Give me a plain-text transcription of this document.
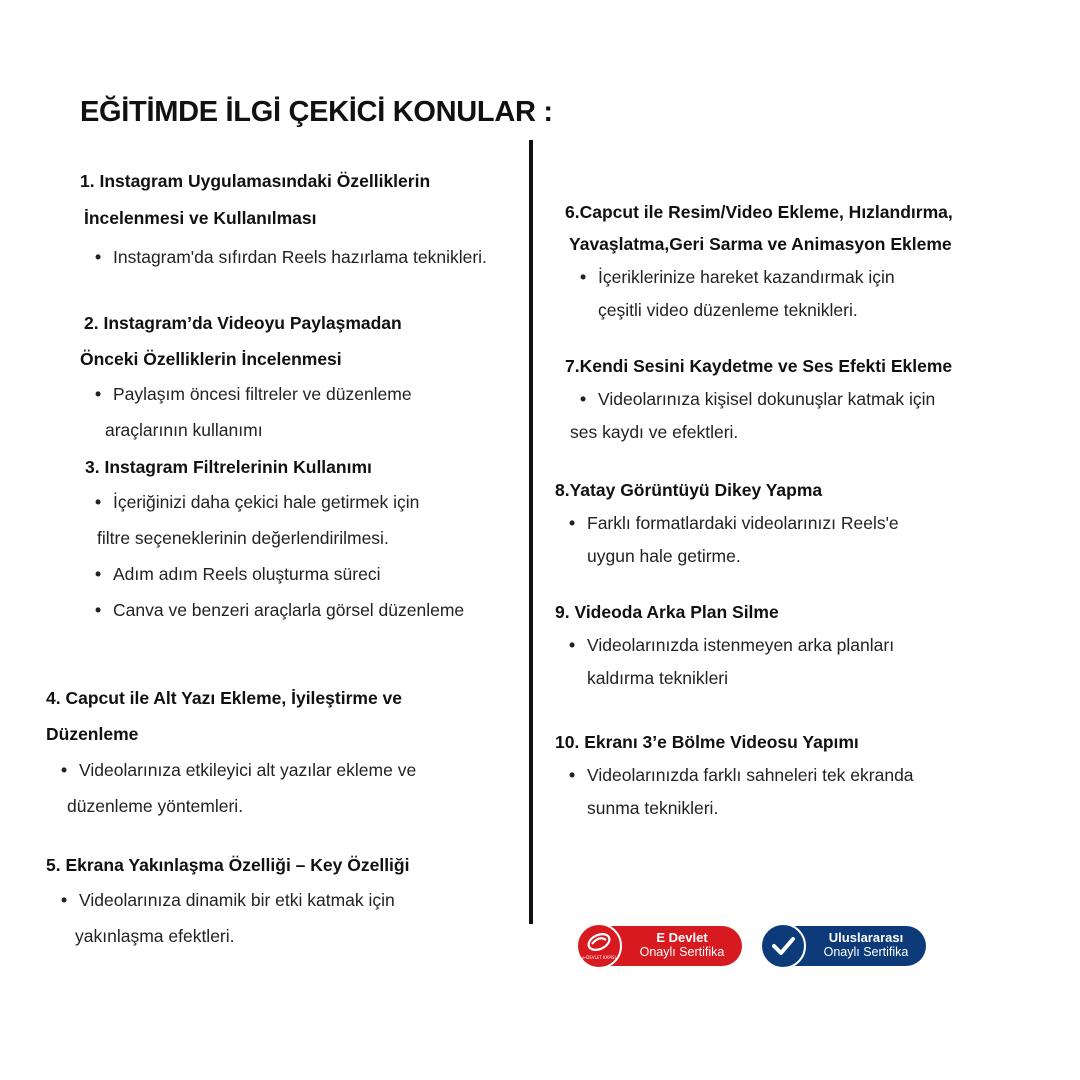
EĞİTİMDE İLGİ ÇEKİCİ KONULAR :
1. Instagram Uygulamasındaki Özelliklerin
İncelenmesi ve Kullanılması
• Instagram'da sıfırdan Reels hazırlama teknikleri.
2. Instagram’da Videoyu Paylaşmadan
Önceki Özelliklerin İncelenmesi
• Paylaşım öncesi filtreler ve düzenleme
araçlarının kullanımı
3. Instagram Filtrelerinin Kullanımı
• İçeriğinizi daha çekici hale getirmek için
filtre seçeneklerinin değerlendirilmesi.
• Adım adım Reels oluşturma süreci
• Canva ve benzeri araçlarla görsel düzenleme
4. Capcut ile Alt Yazı Ekleme, İyileştirme ve
Düzenleme
• Videolarınıza etkileyici alt yazılar ekleme ve
düzenleme yöntemleri.
5. Ekrana Yakınlaşma Özelliği – Key Özelliği
• Videolarınıza dinamik bir etki katmak için
yakınlaşma efektleri.
6.Capcut ile Resim/Video Ekleme, Hızlandırma,
Yavaşlatma,Geri Sarma ve Animasyon Ekleme
• İçeriklerinize hareket kazandırmak için
çeşitli video düzenleme teknikleri.
7.Kendi Sesini Kaydetme ve Ses Efekti Ekleme
• Videolarınıza kişisel dokunuşlar katmak için
ses kaydı ve efektleri.
8.Yatay Görüntüyü Dikey Yapma
• Farklı formatlardaki videolarınızı Reels'e
uygun hale getirme.
9. Videoda Arka Plan Silme
• Videolarınızda istenmeyen arka planları
kaldırma teknikleri
10. Ekranı 3’e Bölme Videosu Yapımı
• Videolarınızda farklı sahneleri tek ekranda
sunma teknikleri.
e-DEVLET KAPISI
E Devlet
Onaylı Sertifika
Uluslararası
Onaylı Sertifika
